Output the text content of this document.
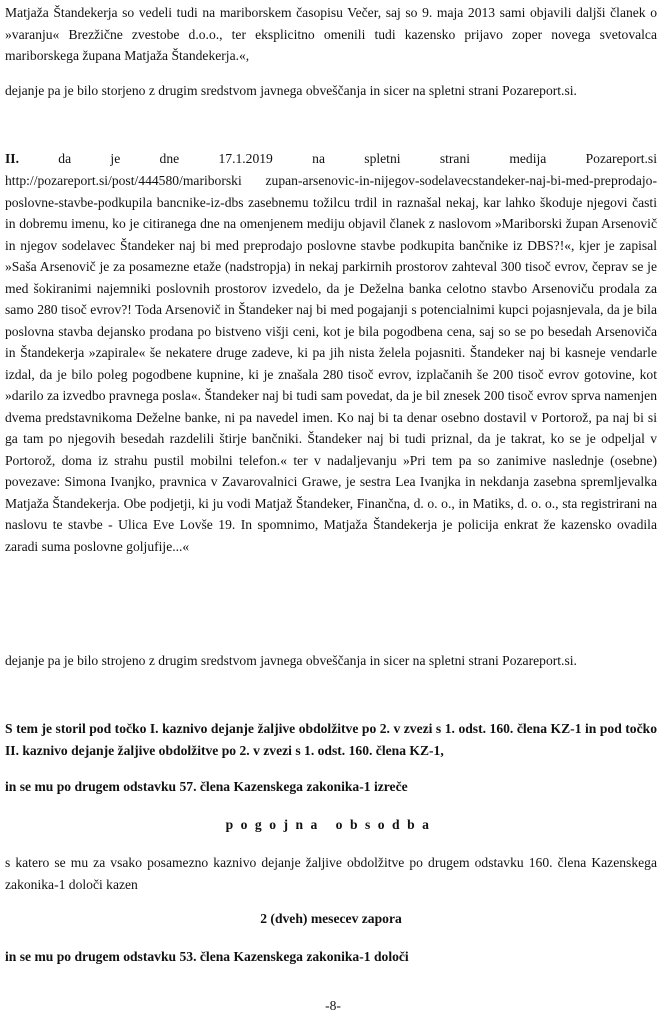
Matjaža Štandekerja so vedeli tudi na mariborskem časopisu Večer, saj so 9. maja 2013 sami objavili dalјši članek o »varanju« Brezžične zvestobe d.o.o., ter eksplicitno omenili tudi kazensko prijavo zoper novega svetovalca mariborskega župana Matjaža Štandekerja.«,

dejanje pa je bilo storjeno z drugim sredstvom javnega obveščanja in sicer na spletni strani Pozareport.si.

II.	da	je	dne	17.1.2019	na	spletni	strani	medija	Pozareport.si

http://pozareport.si/post/444580/mariborski zupan-arsenovic-in-nijegov-sodelavecstandeker-naj-bi-med-preprodajo-poslovne-stavbe-podkupila bancnike-iz-dbs zasebnemu tožilcu trdil in raznašal nekaj, kar lahko škoduje njegovi časti in dobremu imenu, ko je citiranega dne na omenjenem mediju objavil članek z naslovom »Mariborski župan Arsenovič in njegov sodelavec Štandeker naj bi med preprodajo poslovne stavbe podkupita bančnike iz DBS?!«, kjer je zapisal »Saša Arsenovič je za posamezne etaže (nadstropja) in nekaj parkirnih prostorov zahteval 300 tisoč evrov, čeprav se je med šokiranimi najemniki poslovnih prostorov izvedelo, da je Deželna banka celotno stavbo Arsenoviču prodala za samo 280 tisoč evrov?! Toda Arsenovič in Štandeker naj bi med pogajanji s potencialnimi kupci pojasnjevala, da je bila poslovna stavba dejansko prodana po bistveno višji ceni, kot je bila pogodbena cena, saj so se po besedah Arsenoviča in Štandekerja »zapirale« še nekatere druge zadeve, ki pa jih nista želela pojasniti. Štandeker naj bi kasneje vendarle izdal, da je bilo poleg pogodbene kupnine, ki je znašala 280 tisoč evrov, izplačanih še 200 tisoč evrov gotovine, kot »darilo za izvedbo pravnega posla«. Štandeker naj bi tudi sam povedat, da je bil znesek 200 tisoč evrov sprva namenjen dvema predstavnikoma Deželne banke, ni pa navedel imen. Ko naj bi ta denar osebno dostavil v Portorož, pa naj bi si ga tam po njegovih besedah razdelili štirje bančniki. Štandeker naj bi tudi priznal, da je takrat, ko se je odpeljal v Portorož, doma iz strahu pustil mobilni telefon.« ter v nadaljevanju »Pri tem pa so zanimive naslednje (osebne) povezave: Simona Ivanjko, pravnica v Zavarovalnici Grawe, je sestra Lea Ivanjka in nekdanja zasebna spremljevalka Matjaža Štandekerja. Obe podjetji, ki ju vodi Matjaž Štandeker, Finančna, d. o. o., in Matiks, d. o. o., sta registrirani na naslovu te stavbe - Ulica Eve Lovše 19. In spomnimo, Matjaža Štandekerja je policija enkrat že kazensko ovadila zaradi suma poslovne goljufije...«

dejanje pa je bilo strojeno z drugim sredstvom javnega obveščanja in sicer na spletni strani Pozareport.si.

S tem je storil pod točko I. kaznivo dejanje žaljive obdolžitve po 2. v zvezi s 1. odst. 160. člena KZ-1 in pod točko II. kaznivo dejanje žaljive obdolžitve po 2. v zvezi s 1. odst. 160. člena KZ-1,

in se mu po drugem odstavku 57. člena Kazenskega zakonika-1 izreče

pogojna obsodba

s katero se mu za vsako posamezno kaznivo dejanje žaljive obdolžitve po drugem odstavku 160. člena Kazenskega zakonika-1 določi kazen

2 (dveh) mesecev zapora

in se mu po drugem odstavku 53. člena Kazenskega zakonika-1 določi

-8-
